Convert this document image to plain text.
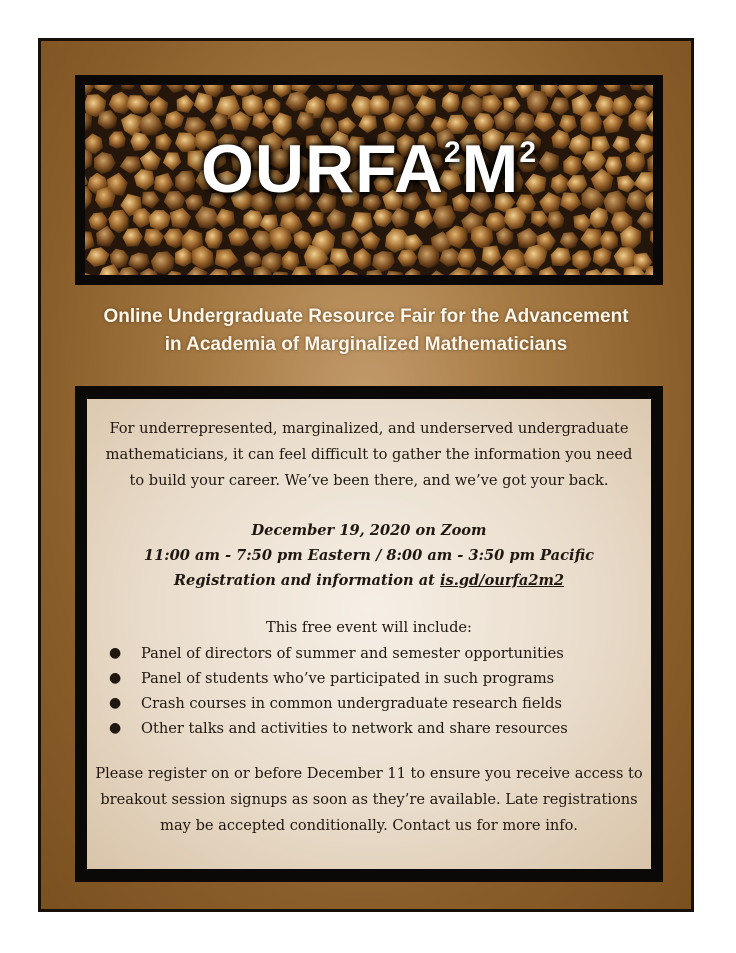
$OURFA^2M^2$
Online Undergraduate Resource Fair for the Advancement
in Academia of Marginalized Mathematicians
For underrepresented, marginalized, and underserved undergraduate
mathematicians, it can feel difficult to gather the information you need
to build your career. We’ve been there, and we’ve got your back.
December 19, 2020 on Zoom
11:00 am - 7:50 pm Eastern / 8:00 am - 3:50 pm Pacific
Registration and information at is.gd/ourfa2m2
This free event will include:
●	Panel of directors of summer and semester opportunities
●	Panel of students who’ve participated in such programs
●	Crash courses in common undergraduate research fields
●	Other talks and activities to network and share resources
Please register on or before December 11 to ensure you receive access to
breakout session signups as soon as they’re available. Late registrations
may be accepted conditionally. Contact us for more info.
